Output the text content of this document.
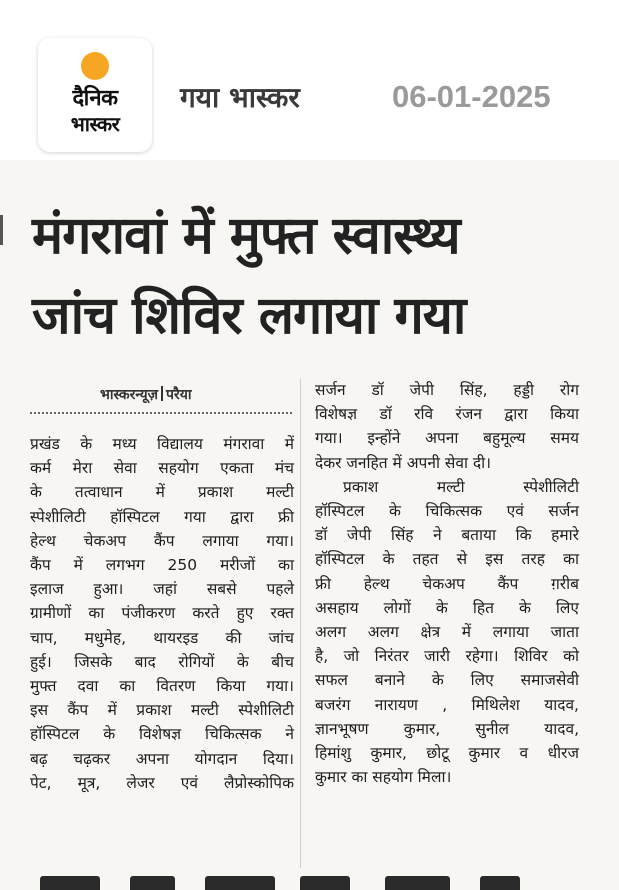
दैनिक
भास्कर
गया भास्कर	06-01-2025
मंगरावां में मुफ्त स्वास्थ्य
जांच शिविर लगाया गया
भास्करन्यूज़ परैया
प्रखंड के मध्य विद्यालय मंगरावा में
कर्म मेरा सेवा सहयोग एकता मंच
के तत्वाधान में प्रकाश मल्टी
स्पेशीलिटी हॉस्पिटल गया द्वारा फ्री
हेल्थ चेकअप कैंप लगाया गया।
कैंप में लगभग 250 मरीजों का
इलाज हुआ। जहां सबसे पहले
ग्रामीणों का पंजीकरण करते हुए रक्त
चाप, मधुमेह, थायरइड की जांच
हुई। जिसके बाद रोगियों के बीच
मुफ्त दवा का वितरण किया गया।
इस कैंप में प्रकाश मल्टी स्पेशीलिटी
हॉस्पिटल के विशेषज्ञ चिकित्सक ने
बढ़ चढ़कर अपना योगदान दिया।
पेट, मूत्र, लेजर एवं लैप्रोस्कोपिक
सर्जन डॉ जेपी सिंह, हड्डी रोग
विशेषज्ञ डॉ रवि रंजन द्वारा किया
गया। इन्होंने अपना बहुमूल्य समय
देकर जनहित में अपनी सेवा दी।
प्रकाश मल्टी स्पेशीलिटी
हॉस्पिटल के चिकित्सक एवं सर्जन
डॉ जेपी सिंह ने बताया कि हमारे
हॉस्पिटल के तहत से इस तरह का
फ्री हेल्थ चेकअप कैंप ग़रीब
असहाय लोगों के हित के लिए
अलग अलग क्षेत्र में लगाया जाता
है, जो निरंतर जारी रहेगा। शिविर को
सफल बनाने के लिए समाजसेवी
बजरंग नारायण , मिथिलेश यादव,
ज्ञानभूषण कुमार, सुनील यादव,
हिमांशु कुमार, छोटू कुमार व धीरज
कुमार का सहयोग मिला।
